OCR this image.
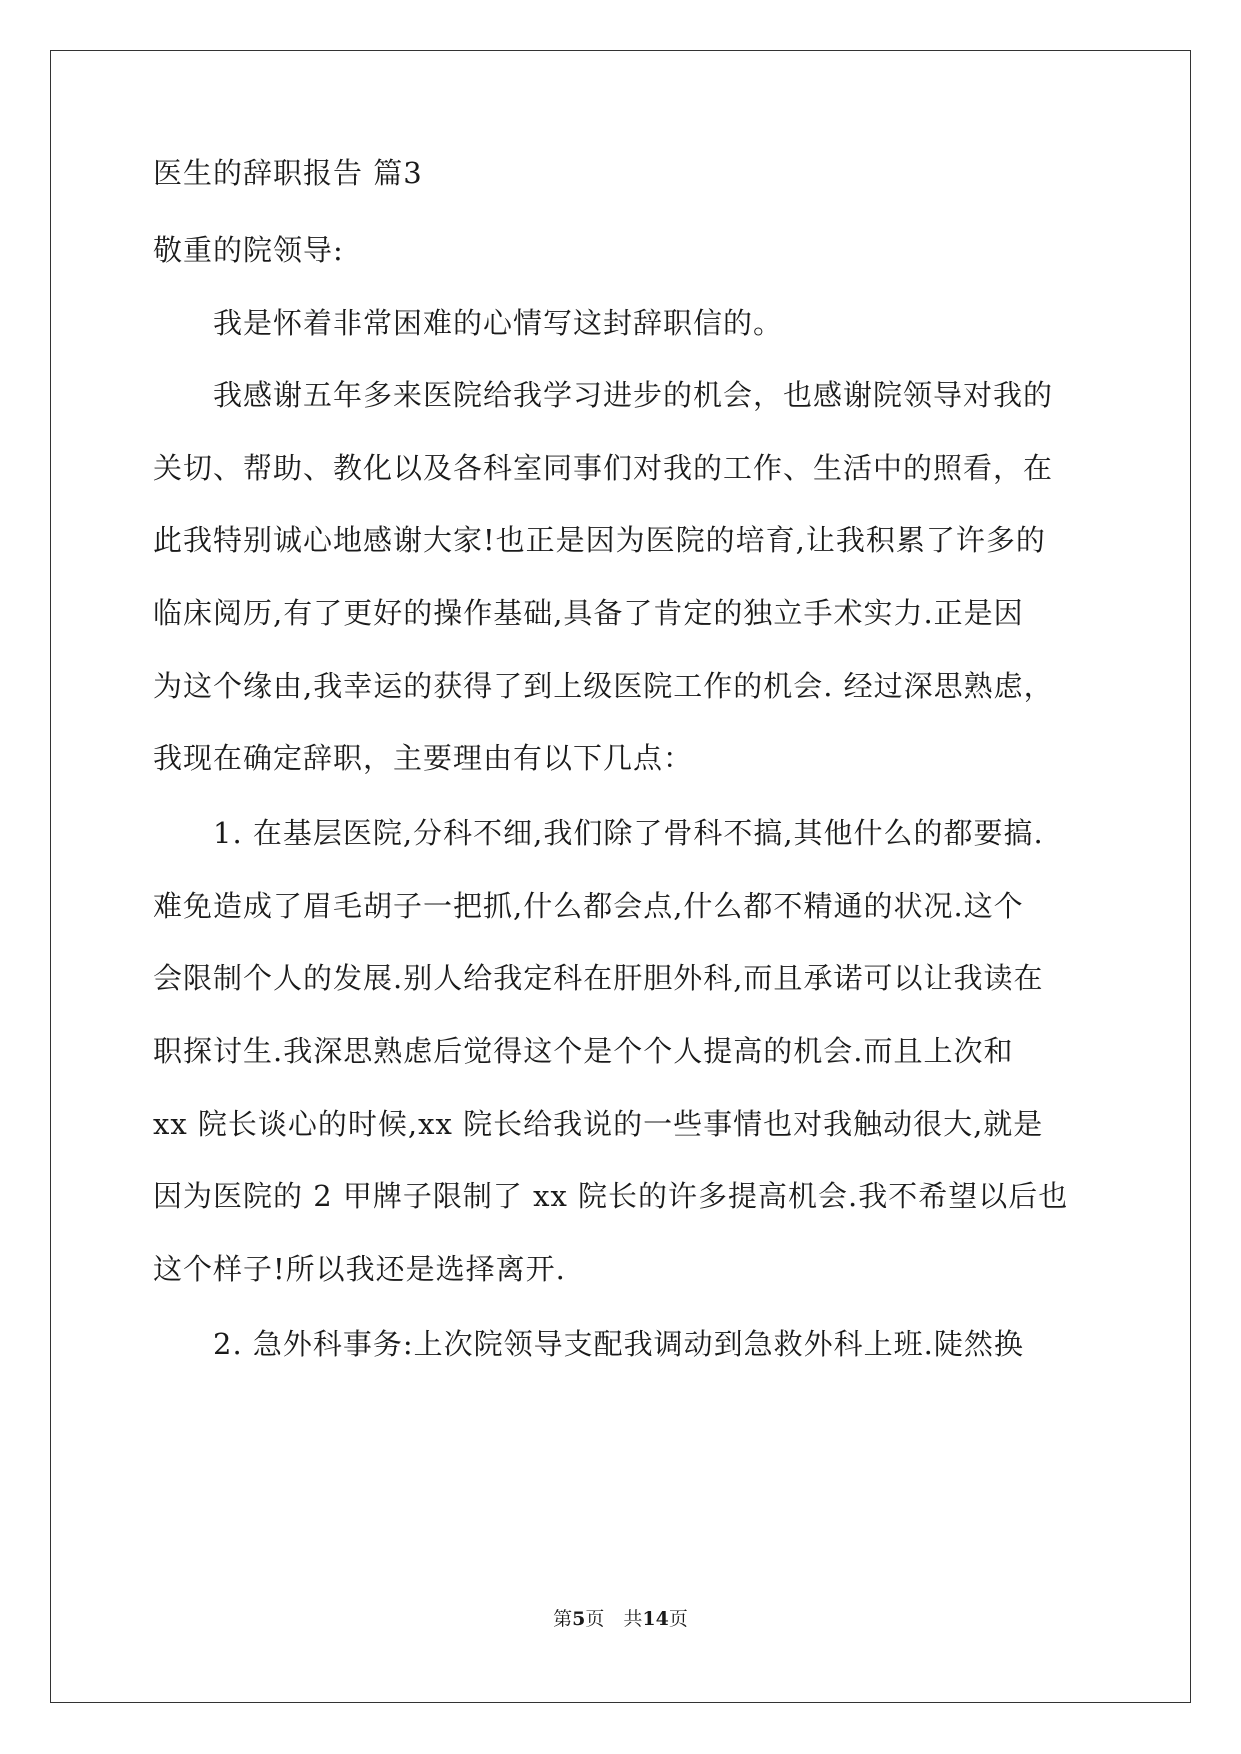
医生的辞职报告 篇3
敬重的院领导:
我是怀着非常困难的心情写这封辞职信的。
我感谢五年多来医院给我学习进步的机会，也感谢院领导对我的
关切、帮助、教化以及各科室同事们对我的工作、生活中的照看，在
此我特别诚心地感谢大家!也正是因为医院的培育,让我积累了许多的
临床阅历,有了更好的操作基础,具备了肯定的独立手术实力.正是因
为这个缘由,我幸运的获得了到上级医院工作的机会. 经过深思熟虑，
我现在确定辞职，主要理由有以下几点：
1. 在基层医院,分科不细,我们除了骨科不搞,其他什么的都要搞.
难免造成了眉毛胡子一把抓,什么都会点,什么都不精通的状况.这个
会限制个人的发展.别人给我定科在肝胆外科,而且承诺可以让我读在
职探讨生.我深思熟虑后觉得这个是个个人提高的机会.而且上次和
xx 院长谈心的时候,xx 院长给我说的一些事情也对我触动很大,就是
因为医院的 2 甲牌子限制了 xx 院长的许多提高机会.我不希望以后也
这个样子!所以我还是选择离开.
2. 急外科事务:上次院领导支配我调动到急救外科上班.陡然换
第5页　共14页
